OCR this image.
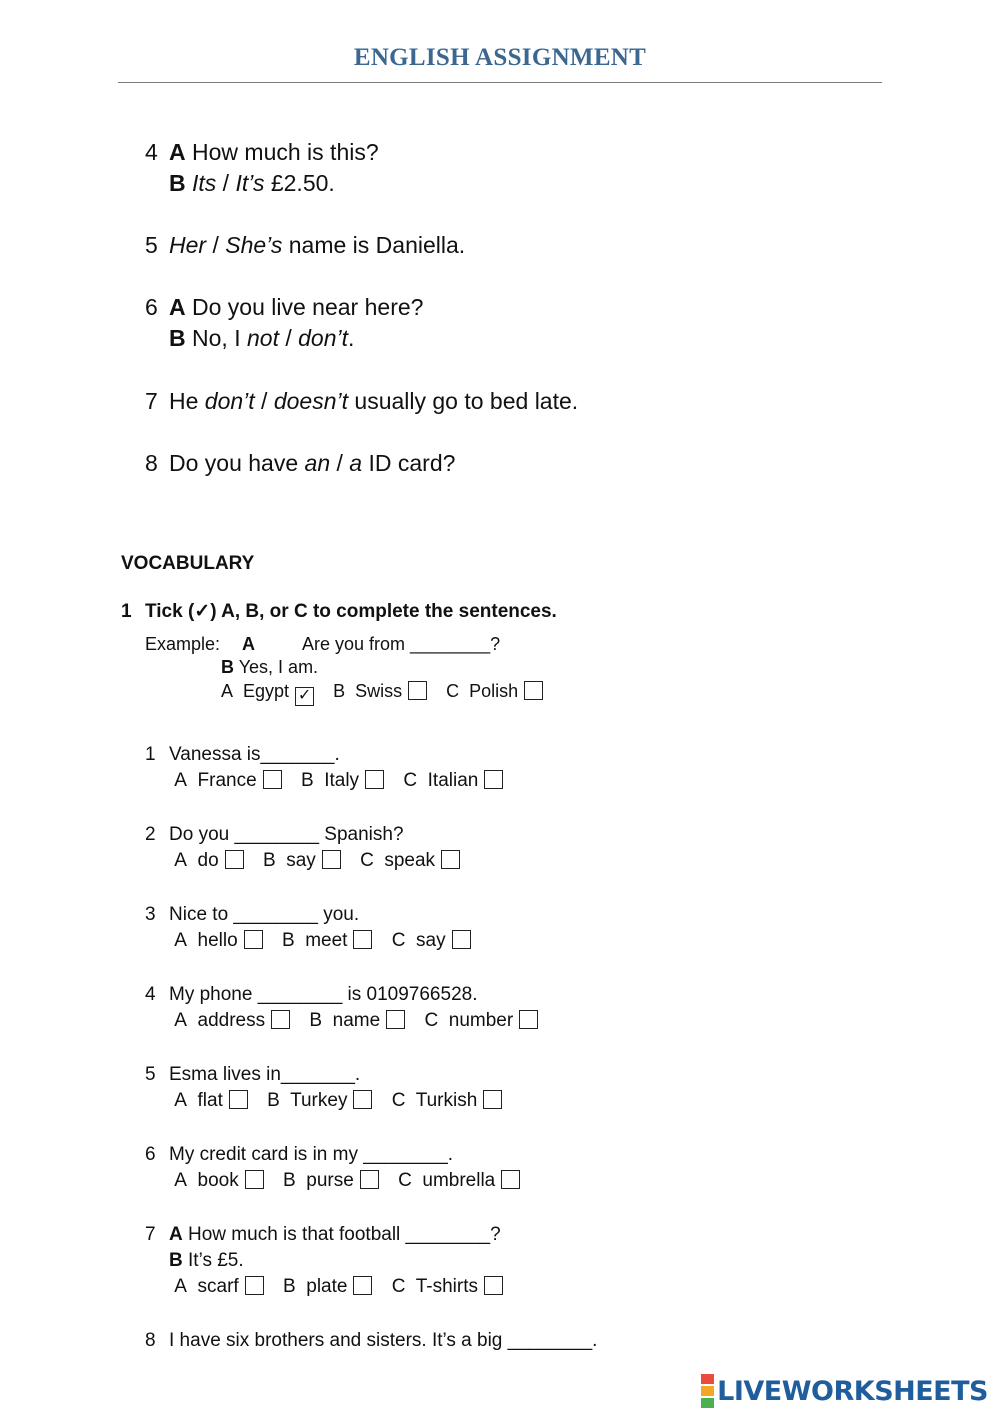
ENGLISH ASSIGNMENT
4 A How much is this?
B Its / It’s £2.50.
5 Her / She’s name is Daniella.
6 A Do you live near here?
B No, I not / don’t.
7 He don’t / doesn’t usually go to bed late.
8 Do you have an / a ID card?
VOCABULARY
1 Tick (✓) A, B, or C to complete the sentences.
Example: A	Are you from ________?
B Yes, I am.
A Egypt ✓ B Swiss C Polish
1 Vanessa is_______.
A France B Italy C Italian
2 Do you ________ Spanish?
A do B say C speak
3 Nice to ________ you.
A hello B meet C say
4 My phone ________ is 0109766528.
A address B name C number
5 Esma lives in_______.
A flat B Turkey C Turkish
6 My credit card is in my ________.
A book B purse C umbrella
7 A How much is that football ________?
B It’s £5.
A scarf B plate C T-shirts
8 I have six brothers and sisters. It’s a big ________.
LIVEWORKSHEETS
